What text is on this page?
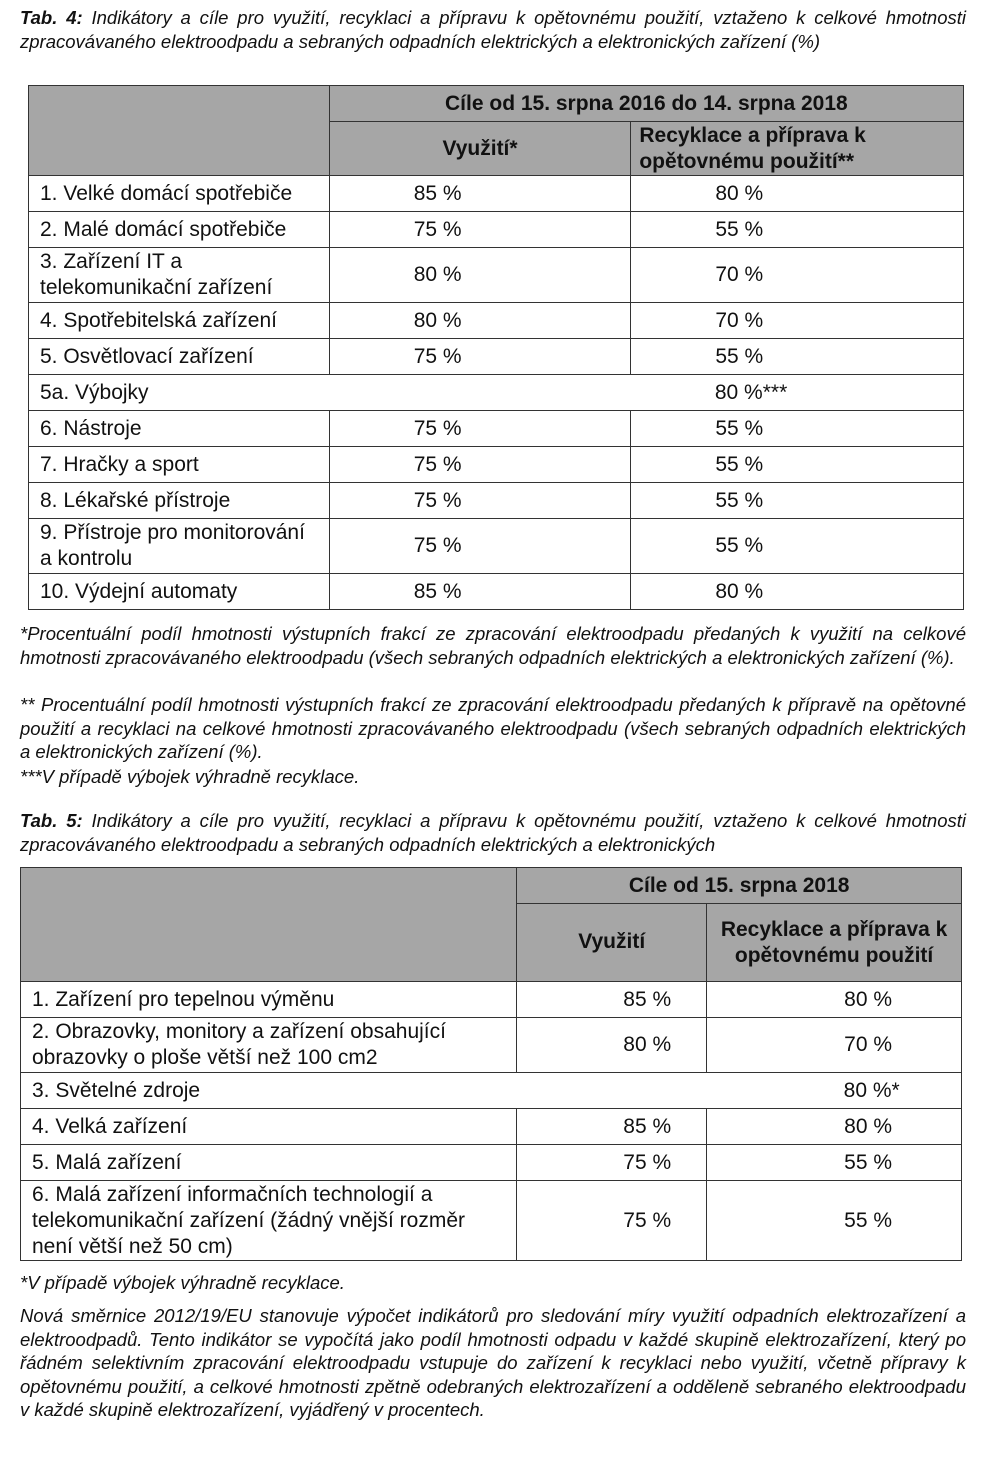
Tab. 4: Indikátory a cíle pro využití, recyklaci a přípravu k opětovnému použití, vztaženo k celkové hmotnosti zpracovávaného elektroodpadu a sebraných odpadních elektrických a elektronických zařízení (%)

	Cíle od 15. srpna 2016 do 14. srpna 2018	
	Využití*	Recyklace a příprava k opětovnému použití**
1. Velké domácí spotřebiče	85 %	80 %
2. Malé domácí spotřebiče	75 %	55 %
3. Zařízení IT a telekomunikační zařízení	80 %	70 %
4. Spotřebitelská zařízení	80 %	70 %
5. Osvětlovací zařízení	75 %	55 %
5a. Výbojky		80 %***
6. Nástroje	75 %	55 %
7. Hračky a sport	75 %	55 %
8. Lékařské přístroje	75 %	55 %
9. Přístroje pro monitorování a kontrolu	75 %	55 %
10. Výdejní automaty	85 %	80 %

*Procentuální podíl hmotnosti výstupních frakcí ze zpracování elektroodpadu předaných k využití na celkové hmotnosti zpracovávaného elektroodpadu (všech sebraných odpadních elektrických a elektronických zařízení (%).

** Procentuální podíl hmotnosti výstupních frakcí ze zpracování elektroodpadu předaných k přípravě na opětovné použití a recyklaci na celkové hmotnosti zpracovávaného elektroodpadu (všech sebraných odpadních elektrických a elektronických zařízení (%).

***V případě výbojek výhradně recyklace.

Tab. 5: Indikátory a cíle pro využití, recyklaci a přípravu k opětovnému použití, vztaženo k celkové hmotnosti zpracovávaného elektroodpadu a sebraných odpadních elektrických a elektronických

	Cíle od 15. srpna 2018	
	Využití	Recyklace a příprava k opětovnému použití
1. Zařízení pro tepelnou výměnu	85 %	80 %
2. Obrazovky, monitory a zařízení obsahující obrazovky o ploše větší než 100 cm2	80 %	70 %
3. Světelné zdroje		80 %*
4. Velká zařízení	85 %	80 %
5. Malá zařízení	75 %	55 %
6. Malá zařízení informačních technologií a telekomunikační zařízení (žádný vnější rozměr není větší než 50 cm)	75 %	55 %

*V případě výbojek výhradně recyklace.

Nová směrnice 2012/19/EU stanovuje výpočet indikátorů pro sledování míry využití odpadních elektrozařízení a elektroodpadů. Tento indikátor se vypočítá jako podíl hmotnosti odpadu v každé skupině elektrozařízení, který po řádném selektivním zpracování elektroodpadu vstupuje do zařízení k recyklaci nebo využití, včetně přípravy k opětovnému použití, a celkové hmotnosti zpětně odebraných elektrozařízení a odděleně sebraného elektroodpadu v každé skupině elektrozařízení, vyjádřený v procentech.
